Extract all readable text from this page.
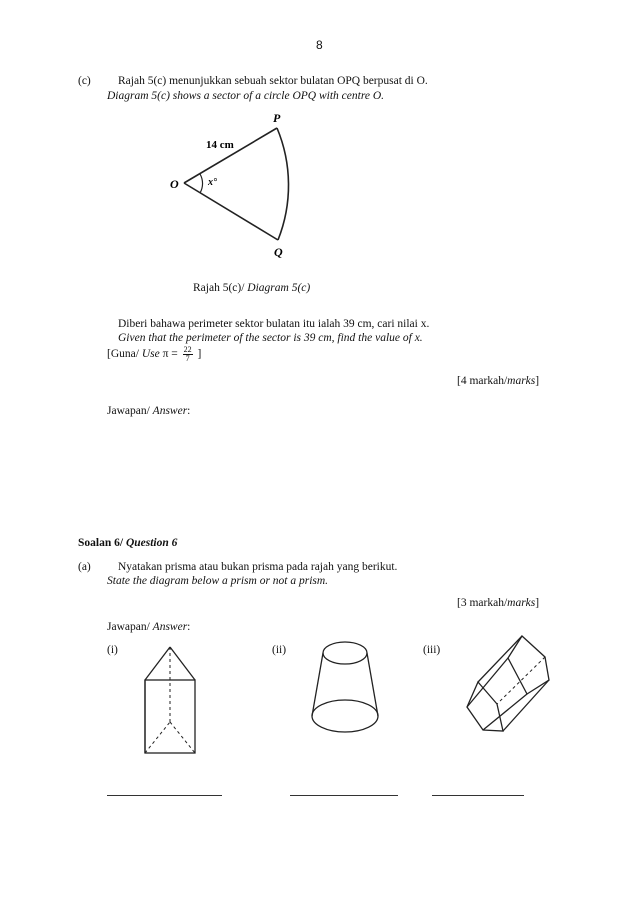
8
(c) Rajah 5(c) menunjukkan sebuah sektor bulatan OPQ berpusat di O.
Diagram 5(c) shows a sector of a circle OPQ with centre O.
P
O
Q
14 cm
x°
Rajah 5(c)/ Diagram 5(c)
Diberi bahawa perimeter sektor bulatan itu ialah 39 cm, cari nilai x.
Given that the perimeter of the sector is 39 cm, find the value of x.
[Guna/ Use $\pi = \frac{22}{7}$ ]
[4 markah/marks]
Jawapan/ Answer:
Soalan 6/ Question 6
(a) Nyatakan prisma atau bukan prisma pada rajah yang berikut.
State the diagram below a prism or not a prism.
[3 markah/marks]
Jawapan/ Answer:
(i)	(ii)	(iii)
